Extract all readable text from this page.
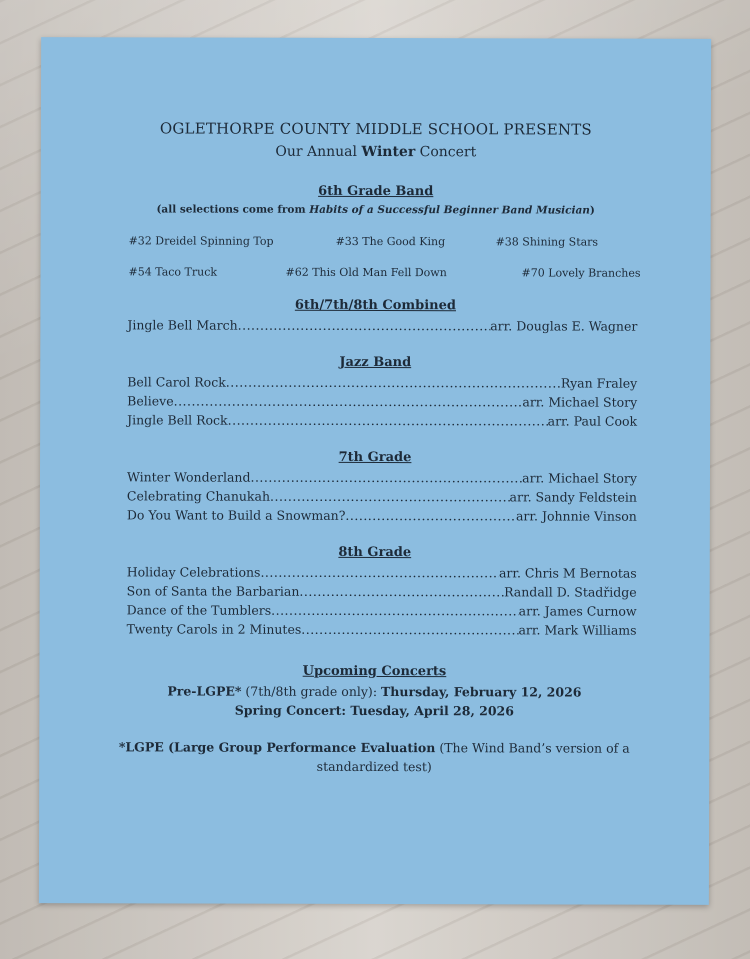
OGLETHORPE COUNTY MIDDLE SCHOOL PRESENTS
Our Annual Winter Concert
6th Grade Band
(all selections come from Habits of a Successful Beginner Band Musician)
#32 Dreidel Spinning Top	#33 The Good King	#38 Shining Stars
#54 Taco Truck	#62 This Old Man Fell Down	#70 Lovely Branches
6th/7th/8th Combined
Jingle Bell March .....	arr. Douglas E. Wagner
Jazz Band
Bell Carol Rock .....	Ryan Fraley
Believe .....	arr. Michael Story
Jingle Bell Rock .....	arr. Paul Cook
7th Grade
Winter Wonderland .....	arr. Michael Story
Celebrating Chanukah .....	arr. Sandy Feldstein
Do You Want to Build a Snowman? .....	arr. Johnnie Vinson
8th Grade
Holiday Celebrations .....	arr. Chris M Bernotas
Son of Santa the Barbarian .....	Randall D. Stadřidge
Dance of the Tumblers .....	arr. James Curnow
Twenty Carols in 2 Minutes .....	arr. Mark Williams
Upcoming Concerts
Pre-LGPE* (7th/8th grade only): Thursday, February 12, 2026
Spring Concert: Tuesday, April 28, 2026
*LGPE (Large Group Performance Evaluation (The Wind Band’s version of a
standardized test)
